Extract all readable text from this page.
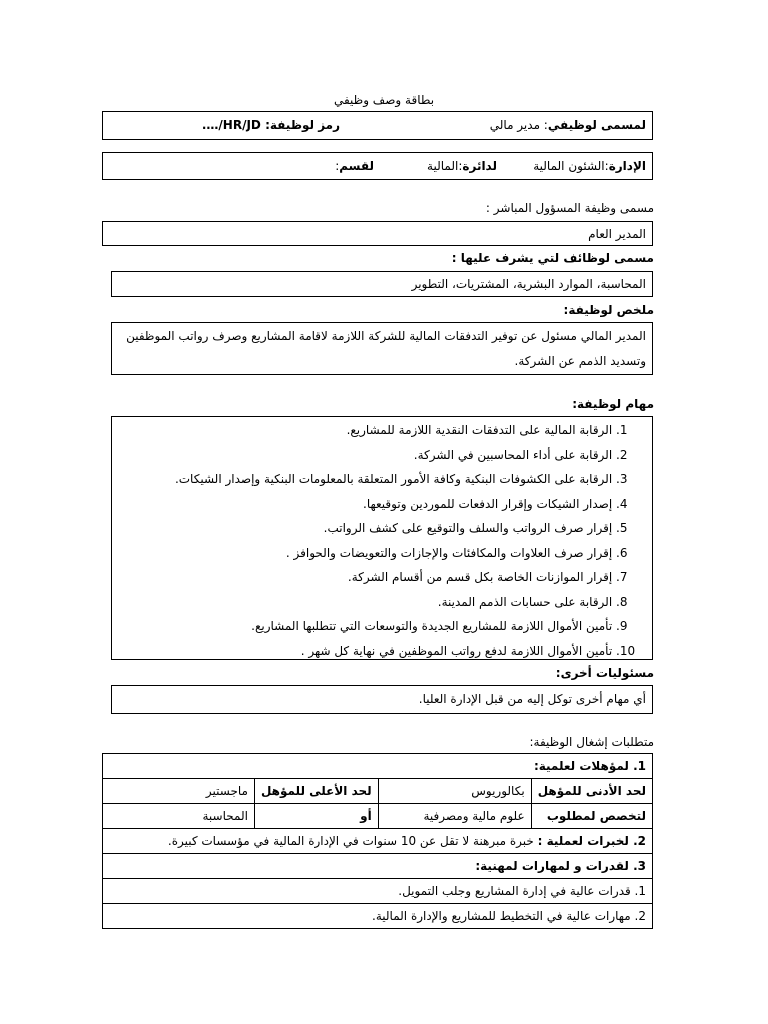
بطاقة وصف وظيفي
لمسمى لوظيفي: مدير مالي
رمز لوظيفة: HR/JD/….
الإدارة:الشئون المالية
لدائرة:المالية
لقسم:
مسمى وظيفة المسؤول المباشر :
المدير العام
مسمى لوظائف لتي يشرف عليها :
المحاسبة، الموارد البشرية، المشتريات، التطوير
ملخص لوظيفة:
المدير المالي مسئول عن توفير التدفقات المالية للشركة اللازمة لاقامة المشاريع وصرف رواتب الموظفين
وتسديد الذمم عن الشركة.
مهام لوظيفة:
1. الرقابة المالية على التدفقات النقدية اللازمة للمشاريع.
2. الرقابة على أداء المحاسبين في الشركة.
3. الرقابة على الكشوفات البنكية وكافة الأمور المتعلقة بالمعلومات البنكية وإصدار الشيكات.
4. إصدار الشيكات وإقرار الدفعات للموردين وتوقيعها.
5. إقرار صرف الرواتب والسلف والتوقيع على كشف الرواتب.
6. إقرار صرف العلاوات والمكافئات والإجازات والتعويضات والحوافز .
7. إقرار الموازنات الخاصة بكل قسم من أقسام الشركة.
8. الرقابة على حسابات الذمم المدينة.
9. تأمين الأموال اللازمة للمشاريع الجديدة والتوسعات التي تتطلبها المشاريع.
10. تأمين الأموال اللازمة لدفع رواتب الموظفين في نهاية كل شهر .
مسئوليات أخرى:
أي مهام أخرى توكل إليه من قبل الإدارة العليا.
متطلبات إشغال الوظيفة:
1. لمؤهلات لعلمية:			
لحد الأدنى للمؤهل	بكالوريوس	لحد الأعلى للمؤهل	ماجستير
لتخصص لمطلوب	علوم مالية ومصرفية	أو	المحاسبة
2. لخبرات لعملية : خبرة مبرهنة لا تقل عن 10 سنوات في الإدارة المالية في مؤسسات كبيرة.			
3. لقدرات و لمهارات لمهنية:			
1. قدرات عالية في إدارة المشاريع وجلب التمويل.			
2. مهارات عالية في التخطيط للمشاريع والإدارة المالية.			
